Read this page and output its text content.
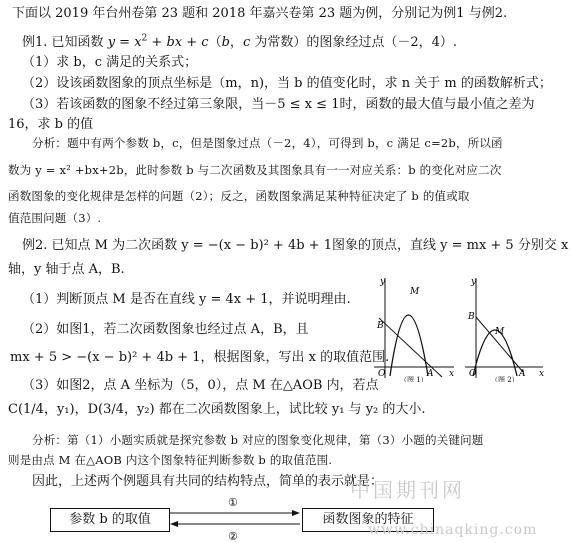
下面以 2019 年台州卷第 23 题和 2018 年嘉兴卷第 23 题为例，分别记为例1 与例2.
例1. 已知函数 $y = x^2$ + bx + c（b，c 为常数）的图象经过点（－2，4）.
（1）求 b，c 满足的关系式；
（2）设该函数图象的顶点坐标是（m，n)，当 b 的值变化时，求 n 关于 m 的函数解析式；
（3）若该函数的图象不经过第三象限，当－5 ≤ x ≤ 1时，函数的最大值与最小值之差为
16，求 b 的值
分析：题中有两个参数 b，c，但是图象过点（－2，4），可得到 b，c 满足 c=2b，所以函
数为 y = x² +bx+2b，此时参数 b 与二次函数及其图象具有一一对应关系：b 的变化对应二次
函数图象的变化规律是怎样的问题（2）；反之，函数图象满足某种特征决定了 b 的值或取
值范围问题（3）.
例2. 已知点 M 为二次函数 y = −(x − b)² + 4b + 1图象的顶点，直线 y = mx + 5 分别交 x
轴，y 轴于点 A，B.
（1）判断顶点 M 是否在直线 y = 4x + 1，并说明理由.
（2）如图1，若二次函数图象也经过点 A，B，且
mx + 5 > −(x − b)² + 4b + 1，根据图象，写出 x 的取值范围.
（3）如图2，点 A 坐标为（5，0），点 M 在△AOB 内，若点
C(1/4，y₁)，D(3/4，y₂) 都在二次函数图象上，试比较 y₁ 与 y₂ 的大小.
分析：第（1）小题实质就是探究参数 b 对应的图象变化规律，第（3）小题的关键问题
则是由点 M 在△AOB 内这个图象特征判断参数 b 的取值范围.
因此，上述两个例题具有共同的结构特点，简单的表示就是：
y
M
B
O	A x
（图 1）
y
B
M
O	A x
（图 2）
参数 b 的取值	函数图象的特征
①
②
中国期刊网
www.chinaqking.com
